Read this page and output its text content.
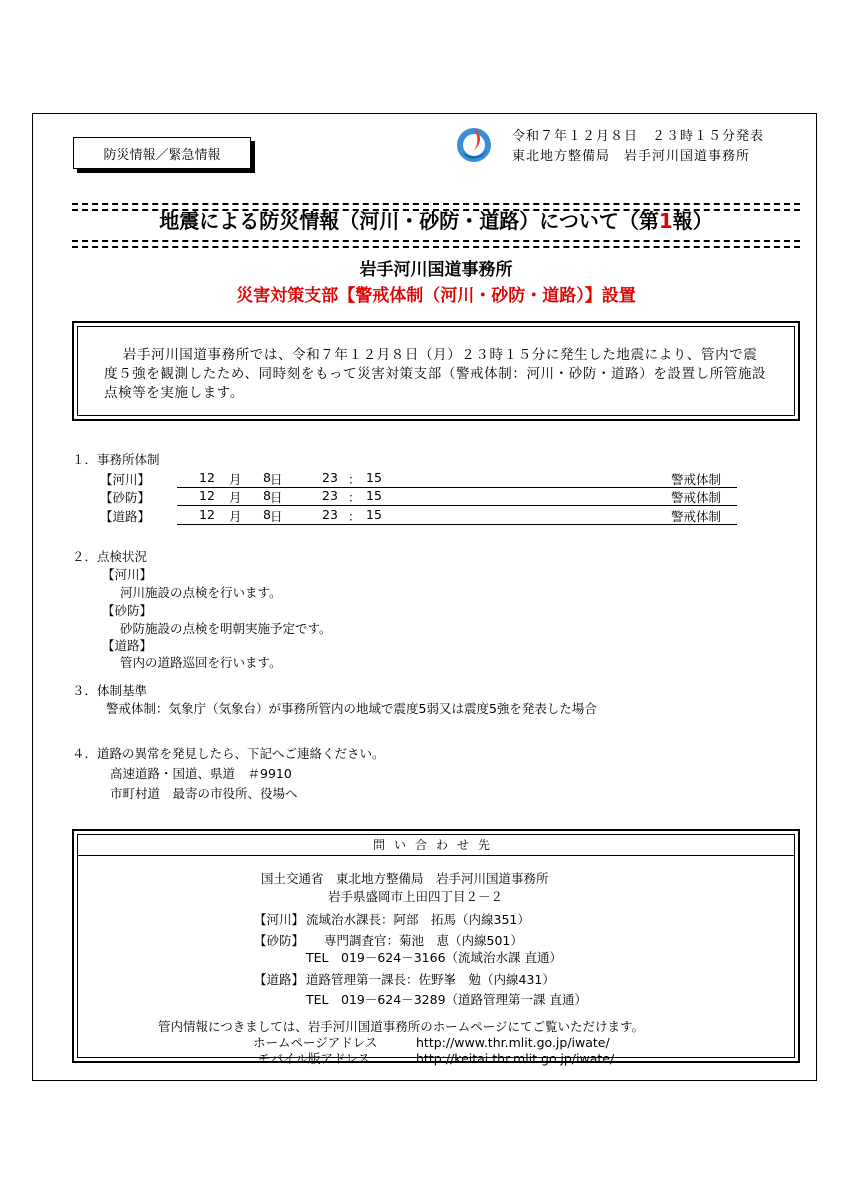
防災情報／緊急情報
令和７年１２月８日　２３時１５分発表
東北地方整備局　岩手河川国道事務所
地震による防災情報（河川・砂防・道路）について（第1報）
岩手河川国道事務所
災害対策支部【警戒体制（河川・砂防・道路）】設置

岩手河川国道事務所では、令和７年１２月８日（月）２３時１５分に発生した地震により、管内で震度５強を観測したため、同時刻をもって災害対策支部（警戒体制：河川・砂防・道路）を設置し所管施設点検等を実施します。

１．事務所体制
【河川】	12 月 8 日	23 ： 15	警戒体制
【砂防】	12 月 8 日	23 ： 15	警戒体制
【道路】	12 月 8 日	23 ： 15	警戒体制
２．点検状況
【河川】
河川施設の点検を行います。
【砂防】
砂防施設の点検を明朝実施予定です。
【道路】
管内の道路巡回を行います。
３．体制基準
警戒体制：気象庁（気象台）が事務所管内の地域で震度5弱又は震度5強を発表した場合
４．道路の異常を発見したら、下記へご連絡ください。
高速道路・国道、県道　＃9910
市町村道　最寄の市役所、役場へ
問い合わせ先
国土交通省　東北地方整備局　岩手河川国道事務所
岩手県盛岡市上田四丁目２－２
【河川】 流域治水課長：阿部　拓馬（内線351）
【砂防】 専門調査官：菊池　恵（内線501）
TEL　019－624－3166（流域治水課 直通）
【道路】 道路管理第一課長：佐野峯　勉（内線431）
TEL　019－624－3289（道路管理第一課 直通）
管内情報につきましては、岩手河川国道事務所のホームページにてご覧いただけます。
ホームページアドレス	http://www.thr.mlit.go.jp/iwate/
モバイル版アドレス	http://keitai.thr.mlit.go.jp/iwate/
